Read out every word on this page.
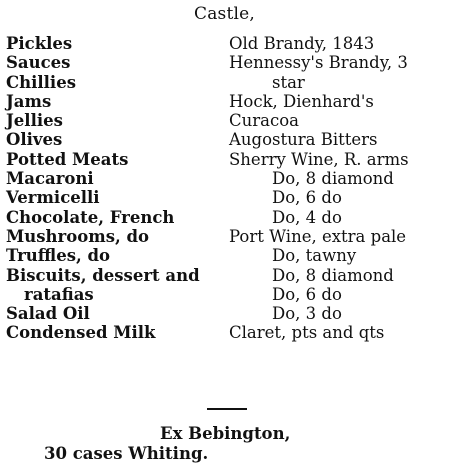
Castle,
Pickles
Sauces
Chillies
Jams
Jellies
Olives
Potted Meats
Macaroni
Vermicelli
Chocolate, French
Mushrooms, do
Truffles, do
Biscuits, dessert and
ratafias
Salad Oil
Condensed Milk
Old Brandy, 1843
Hennessy's Brandy, 3
star
Hock, Dienhard's
Curacoa
Augostura Bitters
Sherry Wine, R. arms
Do, 8 diamond
Do, 6 do
Do, 4 do
Port Wine, extra pale
Do, tawny
Do, 8 diamond
Do, 6 do
Do, 3 do
Claret, pts and qts
Ex Bebington,
30 cases Whiting.
